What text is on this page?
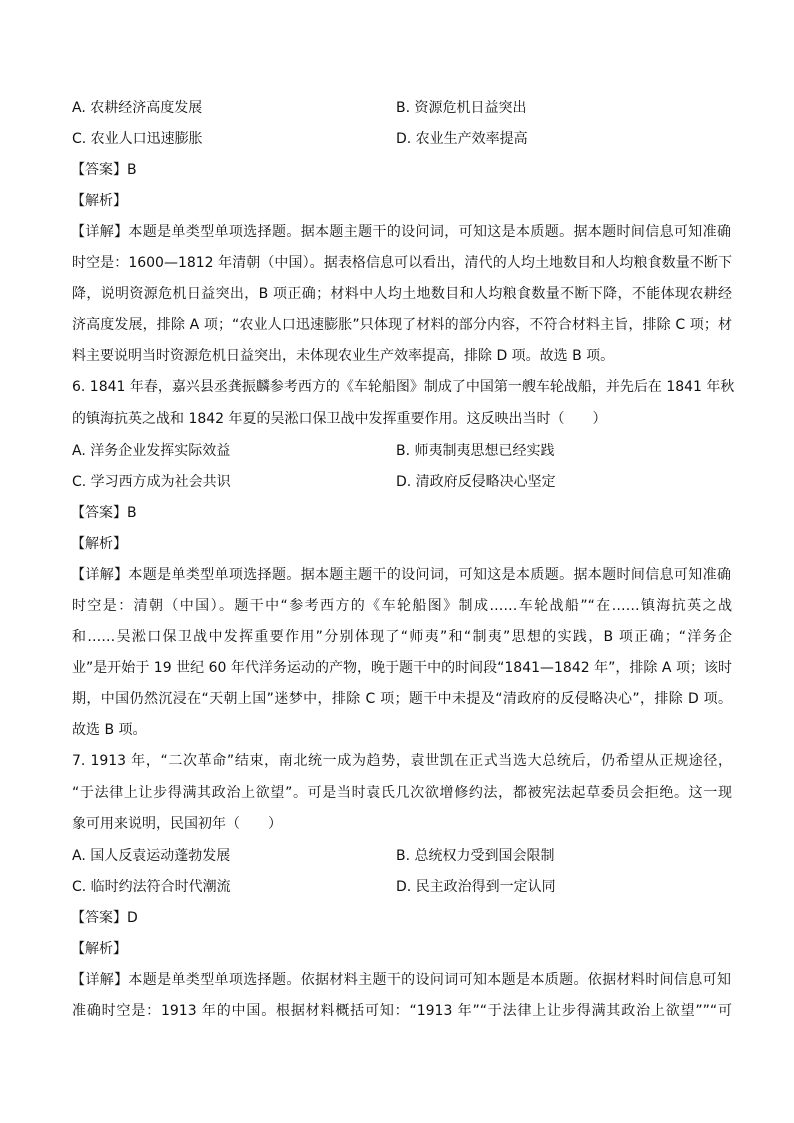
A. 农耕经济高度发展	B. 资源危机日益突出
C. 农业人口迅速膨胀	D. 农业生产效率提高
【答案】B
【解析】
【详解】本题是单类型单项选择题。据本题主题干的设问词，可知这是本质题。据本题时间信息可知准确
时空是：1600—1812 年清朝（中国）。据表格信息可以看出，清代的人均土地数目和人均粮食数量不断下
降，说明资源危机日益突出，B 项正确；材料中人均土地数目和人均粮食数量不断下降，不能体现农耕经
济高度发展，排除 A 项；“农业人口迅速膨胀”只体现了材料的部分内容，不符合材料主旨，排除 C 项；材
料主要说明当时资源危机日益突出，未体现农业生产效率提高，排除 D 项。故选 B 项。
6. 1841 年春，嘉兴县丞龚振麟参考西方的《车轮船图》制成了中国第一艘车轮战船，并先后在 1841 年秋
的镇海抗英之战和 1842 年夏的吴淞口保卫战中发挥重要作用。这反映出当时（　　）
A. 洋务企业发挥实际效益	B. 师夷制夷思想已经实践
C. 学习西方成为社会共识	D. 清政府反侵略决心坚定
【答案】B
【解析】
【详解】本题是单类型单项选择题。据本题主题干的设问词，可知这是本质题。据本题时间信息可知准确
时空是：清朝（中国）。题干中“参考西方的《车轮船图》制成……车轮战船”“在……镇海抗英之战
和……吴淞口保卫战中发挥重要作用”分别体现了“师夷”和“制夷”思想的实践，B 项正确；“洋务企
业”是开始于 19 世纪 60 年代洋务运动的产物，晚于题干中的时间段“1841—1842 年”，排除 A 项；该时
期，中国仍然沉浸在“天朝上国”迷梦中，排除 C 项；题干中未提及“清政府的反侵略决心”，排除 D 项。
故选 B 项。
7. 1913 年，“二次革命”结束，南北统一成为趋势，袁世凯在正式当选大总统后，仍希望从正规途径，
“于法律上让步得满其政治上欲望”。可是当时袁氏几次欲增修约法，都被宪法起草委员会拒绝。这一现
象可用来说明，民国初年（　　）
A. 国人反袁运动蓬勃发展	B. 总统权力受到国会限制
C. 临时约法符合时代潮流	D. 民主政治得到一定认同
【答案】D
【解析】
【详解】本题是单类型单项选择题。依据材料主题干的设问词可知本题是本质题。依据材料时间信息可知
准确时空是：1913 年的中国。根据材料概括可知：“1913 年”“于法律上让步得满其政治上欲望””“可
